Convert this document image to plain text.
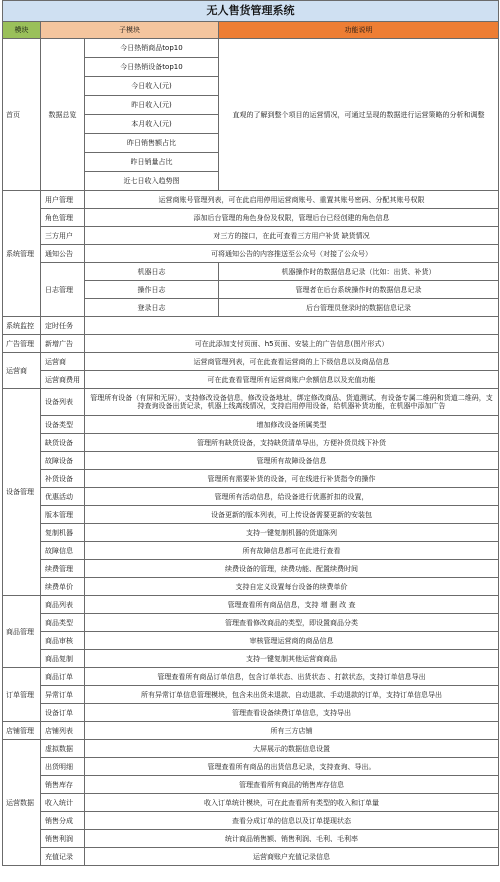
无人售货管理系统			
模块	子模块		功能说明
首页	数据总览	今日热销商品top10	直观的了解到整个项目的运营情况，可通过呈现的数据进行运营策略的分析和调整
		今日热销设备top10	
		今日收入(元)	
		昨日收入(元)	
		本月收入(元)	
		昨日销售额占比	
		昨日销量占比	
		近七日收入趋势图	
系统管理	用户管理	运营商账号管理列表，可在此启用停用运营商账号、重置其账号密码、分配其账号权限	
	角色管理	添加后台管理的角色身份及权限，管理后台已经创建的角色信息	
	三方用户	对三方的接口，在此可查看三方用户补货 缺货情况	
	通知公告	可将通知公告的内容推送至公众号（对接了公众号）	
	日志管理	机器日志	机器操作时的数据信息记录（比如：出货、补货）
		操作日志	管理者在后台系统操作时的数据信息记录
		登录日志	后台管理员登录时的数据信息记录
系统监控	定时任务		
广告管理	新增广告	可在此添加支付页面、h5页面、安装上的广告信息(图片形式）	
运营商	运营商	运营商管理列表，可在此查看运营商的上下级信息以及商品信息	
	运营商费用	可在此查看管理所有运营商账户余额信息以及充值功能	
设备管理	设备列表	管理所有设备（有屏和无屏），支持修改设备信息，修改设备地址，绑定修改商品、货道测试、有设备专属二维码和货道二维码，支持查询设备出货记录，机器上线离线情况，支持启用停用设备，给机器补货功能，在机器中添加广告	
	设备类型	增加修改设备所属类型	
	缺货设备	管理所有缺货设备，支持缺货清单导出，方便补货员线下补货	
	故障设备	管理所有故障设备信息	
	补货设备	管理所有需要补货的设备，可在线进行补货指令的操作	
	优惠活动	管理所有活动信息，给设备进行优惠折扣的设置，	
	版本管理	设备更新的版本列表，可上传设备需要更新的安装包	
	复制机器	支持一键复制机器的货道陈列	
	故障信息	所有故障信息都可在此进行查看	
	续费管理	续费设备的管理，续费功能、配置续费时间	
	续费单价	支持自定义设置每台设备的续费单价	
商品管理	商品列表	管理查看所有商品信息，支持 增 删 改 查	
	商品类型	管理查看修改商品的类型，即设置商品分类	
	商品审核	审核管理运营商的商品信息	
	商品复制	支持一键复制其他运营商商品	
订单管理	商品订单	管理查看所有商品订单信息，包含订单状态、出货状态 、打款状态，支持订单信息导出	
	异常订单	所有异常订单信息管理模块，包含未出货未退款、自动退款、手动退款的订单，支持订单信息导出	
	设备订单	管理查看设备续费订单信息，支持导出	
店铺管理	店铺列表	所有三方店铺	
运营数据	虚拟数据	大屏展示的数据信息设置	
	出货明细	管理查看所有商品的出货信息记录，支持查询、导出。	
	销售库存	管理查看所有商品的销售库存信息	
	收入统计	收入订单统计模块，可在此查看所有类型的收入和订单量	
	销售分成	查看分成订单的信息以及订单提现状态	
	销售利润	统计商品销售额、销售利润、毛利、毛利率	
	充值记录	运营商账户充值记录信息	
